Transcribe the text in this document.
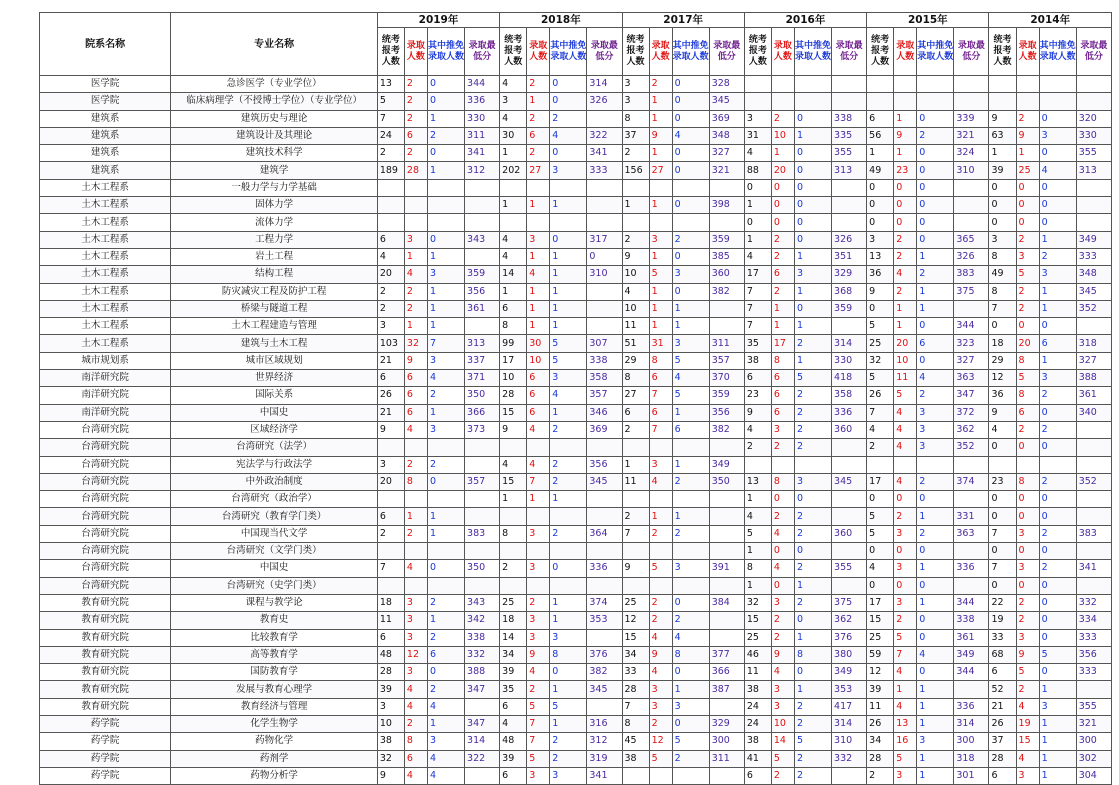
院系名称	专业名称	2019年				2018年				2017年				2016年				2015年				2014年			
		统考报考人数	录取人数	其中推免录取人数	录取最低分	统考报考人数	录取人数	其中推免录取人数	录取最低分	统考报考人数	录取人数	其中推免录取人数	录取最低分	统考报考人数	录取人数	其中推免录取人数	录取最低分	统考报考人数	录取人数	其中推免录取人数	录取最低分	统考报考人数	录取人数	其中推免录取人数	录取最低分
医学院	急诊医学（专业学位）	13	2	0	344	4	2	0	314	3	2	0	328												
医学院	临床病理学（不授博士学位）（专业学位）	5	2	0	336	3	1	0	326	3	1	0	345												
建筑系	建筑历史与理论	7	2	1	330	4	2	2		8	1	0	369	3	2	0	338	6	1	0	339	9	2	0	320
建筑系	建筑设计及其理论	24	6	2	311	30	6	4	322	37	9	4	348	31	10	1	335	56	9	2	321	63	9	3	330
建筑系	建筑技术科学	2	2	0	341	1	2	0	341	2	1	0	327	4	1	0	355	1	1	0	324	1	1	0	355
建筑系	建筑学	189	28	1	312	202	27	3	333	156	27	0	321	88	20	0	313	49	23	0	310	39	25	4	313
土木工程系	一般力学与力学基础													0	0	0		0	0	0		0	0	0	
土木工程系	固体力学					1	1	1		1	1	0	398	1	0	0		0	0	0		0	0	0	
土木工程系	流体力学													0	0	0		0	0	0		0	0	0	
土木工程系	工程力学	6	3	0	343	4	3	0	317	2	3	2	359	1	2	0	326	3	2	0	365	3	2	1	349
土木工程系	岩土工程	4	1	1		4	1	1	0	9	1	0	385	4	2	1	351	13	2	1	326	8	3	2	333
土木工程系	结构工程	20	4	3	359	14	4	1	310	10	5	3	360	17	6	3	329	36	4	2	383	49	5	3	348
土木工程系	防灾减灾工程及防护工程	2	2	1	356	1	1	1		4	1	0	382	7	2	1	368	9	2	1	375	8	2	1	345
土木工程系	桥梁与隧道工程	2	2	1	361	6	1	1		10	1	1		7	1	0	359	0	1	1		7	2	1	352
土木工程系	土木工程建造与管理	3	1	1		8	1	1		11	1	1		7	1	1		5	1	0	344	0	0	0	
土木工程系	建筑与土木工程	103	32	7	313	99	30	5	307	51	31	3	311	35	17	2	314	25	20	6	323	18	20	6	318
城市规划系	城市区域规划	21	9	3	337	17	10	5	338	29	8	5	357	38	8	1	330	32	10	0	327	29	8	1	327
南洋研究院	世界经济	6	6	4	371	10	6	3	358	8	6	4	370	6	6	5	418	5	11	4	363	12	5	3	388
南洋研究院	国际关系	26	6	2	350	28	6	4	357	27	7	5	359	23	6	2	358	26	5	2	347	36	8	2	361
南洋研究院	中国史	21	6	1	366	15	6	1	346	6	6	1	356	9	6	2	336	7	4	3	372	9	6	0	340
台湾研究院	区域经济学	9	4	3	373	9	4	2	369	2	7	6	382	4	3	2	360	4	4	3	362	4	2	2	
台湾研究院	台湾研究（法学）													2	2	2		2	4	3	352	0	0	0	
台湾研究院	宪法学与行政法学	3	2	2		4	4	2	356	1	3	1	349												
台湾研究院	中外政治制度	20	8	0	357	15	7	2	345	11	4	2	350	13	8	3	345	17	4	2	374	23	8	2	352
台湾研究院	台湾研究（政治学）					1	1	1						1	0	0		0	0	0		0	0	0	
台湾研究院	台湾研究（教育学门类）	6	1	1						2	1	1		4	2	2		5	2	1	331	0	0	0	
台湾研究院	中国现当代文学	2	2	1	383	8	3	2	364	7	2	2		5	4	2	360	5	3	2	363	7	3	2	383
台湾研究院	台湾研究（文学门类）													1	0	0		0	0	0		0	0	0	
台湾研究院	中国史	7	4	0	350	2	3	0	336	9	5	3	391	8	4	2	355	4	3	1	336	7	3	2	341
台湾研究院	台湾研究（史学门类）													1	0	1		0	0	0		0	0	0	
教育研究院	课程与教学论	18	3	2	343	25	2	1	374	25	2	0	384	32	3	2	375	17	3	1	344	22	2	0	332
教育研究院	教育史	11	3	1	342	18	3	1	353	12	2	2		15	2	0	362	15	2	0	338	19	2	0	334
教育研究院	比较教育学	6	3	2	338	14	3	3		15	4	4		25	2	1	376	25	5	0	361	33	3	0	333
教育研究院	高等教育学	48	12	6	332	34	9	8	376	34	9	8	377	46	9	8	380	59	7	4	349	68	9	5	356
教育研究院	国防教育学	28	3	0	388	39	4	0	382	33	4	0	366	11	4	0	349	12	4	0	344	6	5	0	333
教育研究院	发展与教育心理学	39	4	2	347	35	2	1	345	28	3	1	387	38	3	1	353	39	1	1		52	2	1	
教育研究院	教育经济与管理	3	4	4		6	5	5		7	3	3		24	3	2	417	11	4	1	336	21	4	3	355
药学院	化学生物学	10	2	1	347	4	7	1	316	8	2	0	329	24	10	2	314	26	13	1	314	26	19	1	321
药学院	药物化学	38	8	3	314	48	7	2	312	45	12	5	300	38	14	5	310	34	16	3	300	37	15	1	300
药学院	药剂学	32	6	4	322	39	5	2	319	38	5	2	311	41	5	2	332	28	5	1	318	28	4	1	302
药学院	药物分析学	9	4	4		6	3	3	341					6	2	2		2	3	1	301	6	3	1	304
